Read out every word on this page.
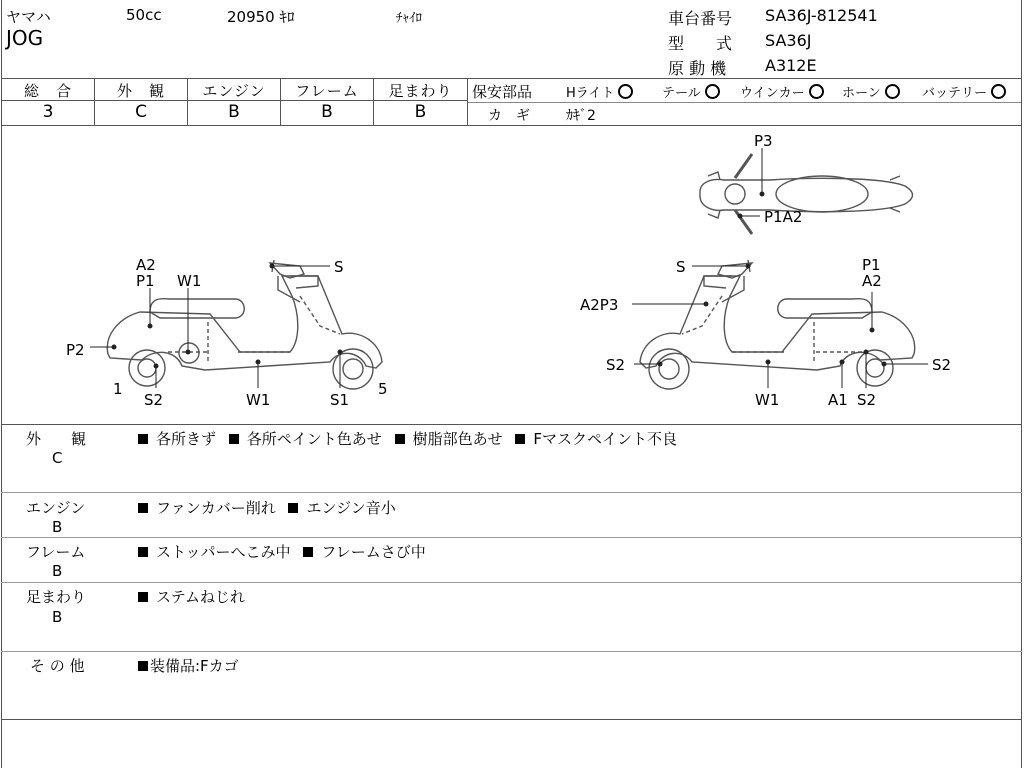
ヤマハ
JOG
50cc	20950 ｷﾛ	ﾁｬｲﾛ	車台番号 SA36J-812541
型　　式 SA36J
原 動 機 A312E
総　合	外　観	エンジン	フレーム	足まわり
3	C	B	B	B
保安部品	Hライト	テール	ウインカー	ホーン	バッテリー
カ　ギ	ｶｷﾞ2
A2
P1 W1
S
P2
1
S2	W1	S1
5
S	P1
A2
A2P3
S2
W1	A1 S2
S2
P3
P1A2
外　　観
C
各所きず 各所ペイント色あせ 樹脂部色あせ Fマスクペイント不良
エンジン
B
ファンカバー削れ エンジン音小
フレーム
B
ストッパーへこみ中 フレームさび中
足まわり
B
ステムねじれ
そ の 他	装備品:Fカゴ
